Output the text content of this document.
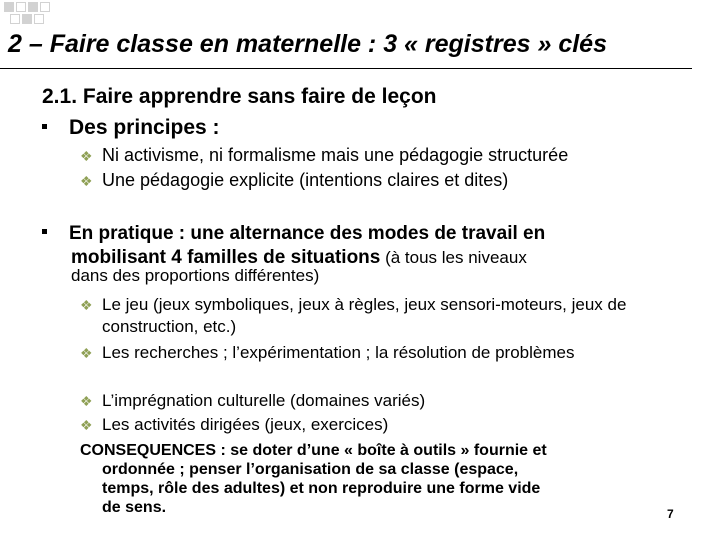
2 – Faire classe en maternelle : 3 « registres » clés
2.1. Faire apprendre sans faire de leçon
Des principes :
❖ Ni activisme, ni formalisme mais une pédagogie structurée
❖ Une pédagogie explicite (intentions claires et dites)
En pratique : une alternance des modes de travail en
mobilisant 4 familles de situations (à tous les niveaux
dans des proportions différentes)
❖ Le jeu (jeux symboliques, jeux à règles, jeux sensori-moteurs, jeux de construction, etc.)
❖ Les recherches ; l’expérimentation ; la résolution de problèmes
❖ L’imprégnation culturelle (domaines variés)
❖ Les activités dirigées (jeux, exercices)
CONSEQUENCES : se doter d’une « boîte à outils » fournie et
ordonnée ; penser l’organisation de sa classe (espace,
temps, rôle des adultes) et non reproduire une forme vide
de sens.	7
